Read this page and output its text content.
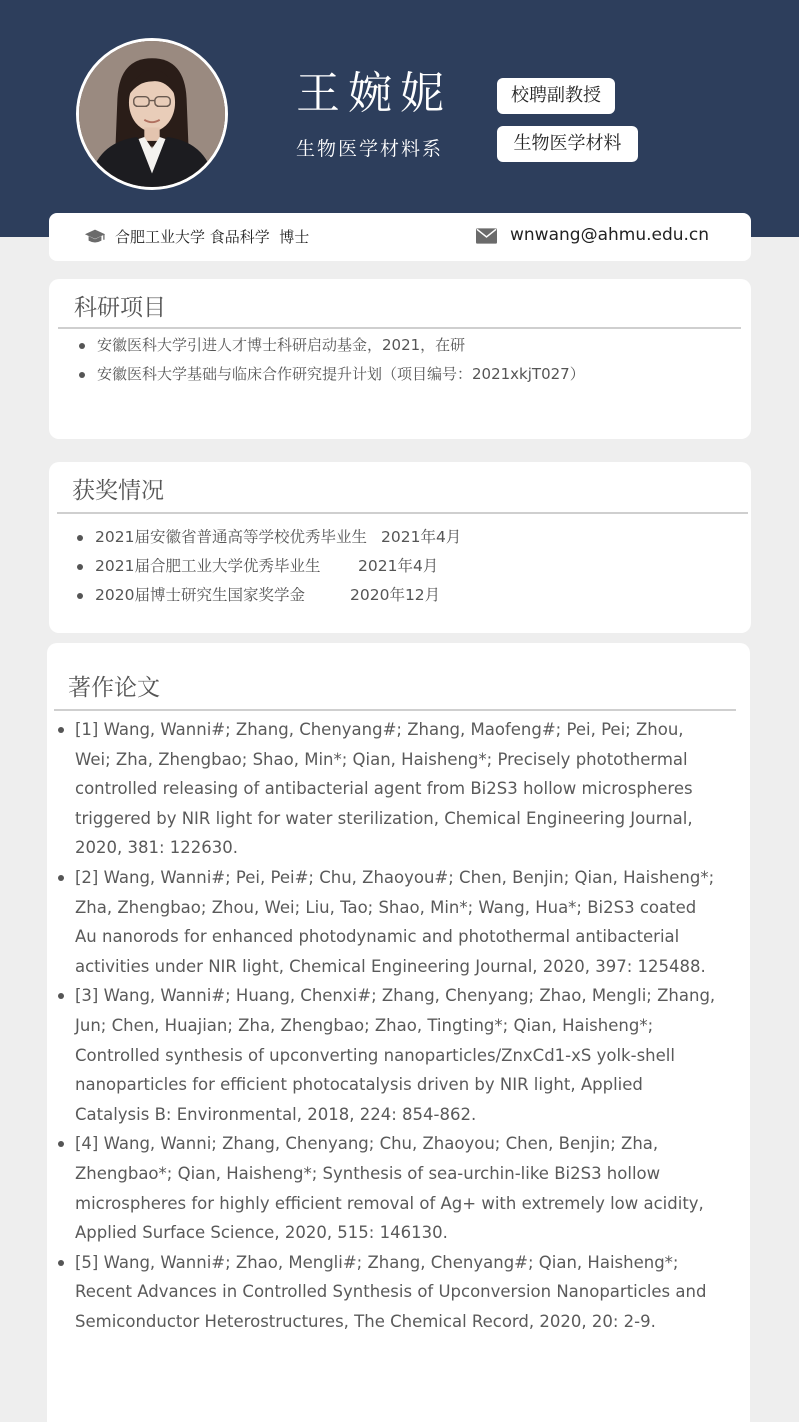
王婉妮
生物医学材料系
校聘副教授
生物医学材料
合肥工业大学 食品科学  博士	wnwang@ahmu.edu.cn
科研项目
安徽医科大学引进人才博士科研启动基金，2021，在研
安徽医科大学基础与临床合作研究提升计划（项目编号：2021xkjT027）
获奖情况
2021届安徽省普通高等学校优秀毕业生 2021年4月
2021届合肥工业大学优秀毕业生 2021年4月
2020届博士研究生国家奖学金	2020年12月
著作论文
[1] Wang, Wanni#; Zhang, Chenyang#; Zhang, Maofeng#; Pei, Pei; Zhou, Wei; Zha, Zhengbao; Shao, Min*; Qian, Haisheng*; Precisely photothermal controlled releasing of antibacterial agent from Bi2S3 hollow microspheres triggered by NIR light for water sterilization, Chemical Engineering Journal, 2020, 381: 122630.
[2] Wang, Wanni#; Pei, Pei#; Chu, Zhaoyou#; Chen, Benjin; Qian, Haisheng*; Zha, Zhengbao; Zhou, Wei; Liu, Tao; Shao, Min*; Wang, Hua*; Bi2S3 coated Au nanorods for enhanced photodynamic and photothermal antibacterial activities under NIR light, Chemical Engineering Journal, 2020, 397: 125488.
[3] Wang, Wanni#; Huang, Chenxi#; Zhang, Chenyang; Zhao, Mengli; Zhang, Jun; Chen, Huajian; Zha, Zhengbao; Zhao, Tingting*; Qian, Haisheng*; Controlled synthesis of upconverting nanoparticles/ZnxCd1-xS yolk-shell nanoparticles for efficient photocatalysis driven by NIR light, Applied Catalysis B: Environmental, 2018, 224: 854-862.
[4] Wang, Wanni; Zhang, Chenyang; Chu, Zhaoyou; Chen, Benjin; Zha, Zhengbao*; Qian, Haisheng*; Synthesis of sea-urchin-like Bi2S3 hollow microspheres for highly efficient removal of Ag+ with extremely low acidity, Applied Surface Science, 2020, 515: 146130.
[5] Wang, Wanni#; Zhao, Mengli#; Zhang, Chenyang#; Qian, Haisheng*; Recent Advances in Controlled Synthesis of Upconversion Nanoparticles and Semiconductor Heterostructures, The Chemical Record, 2020, 20: 2-9.
